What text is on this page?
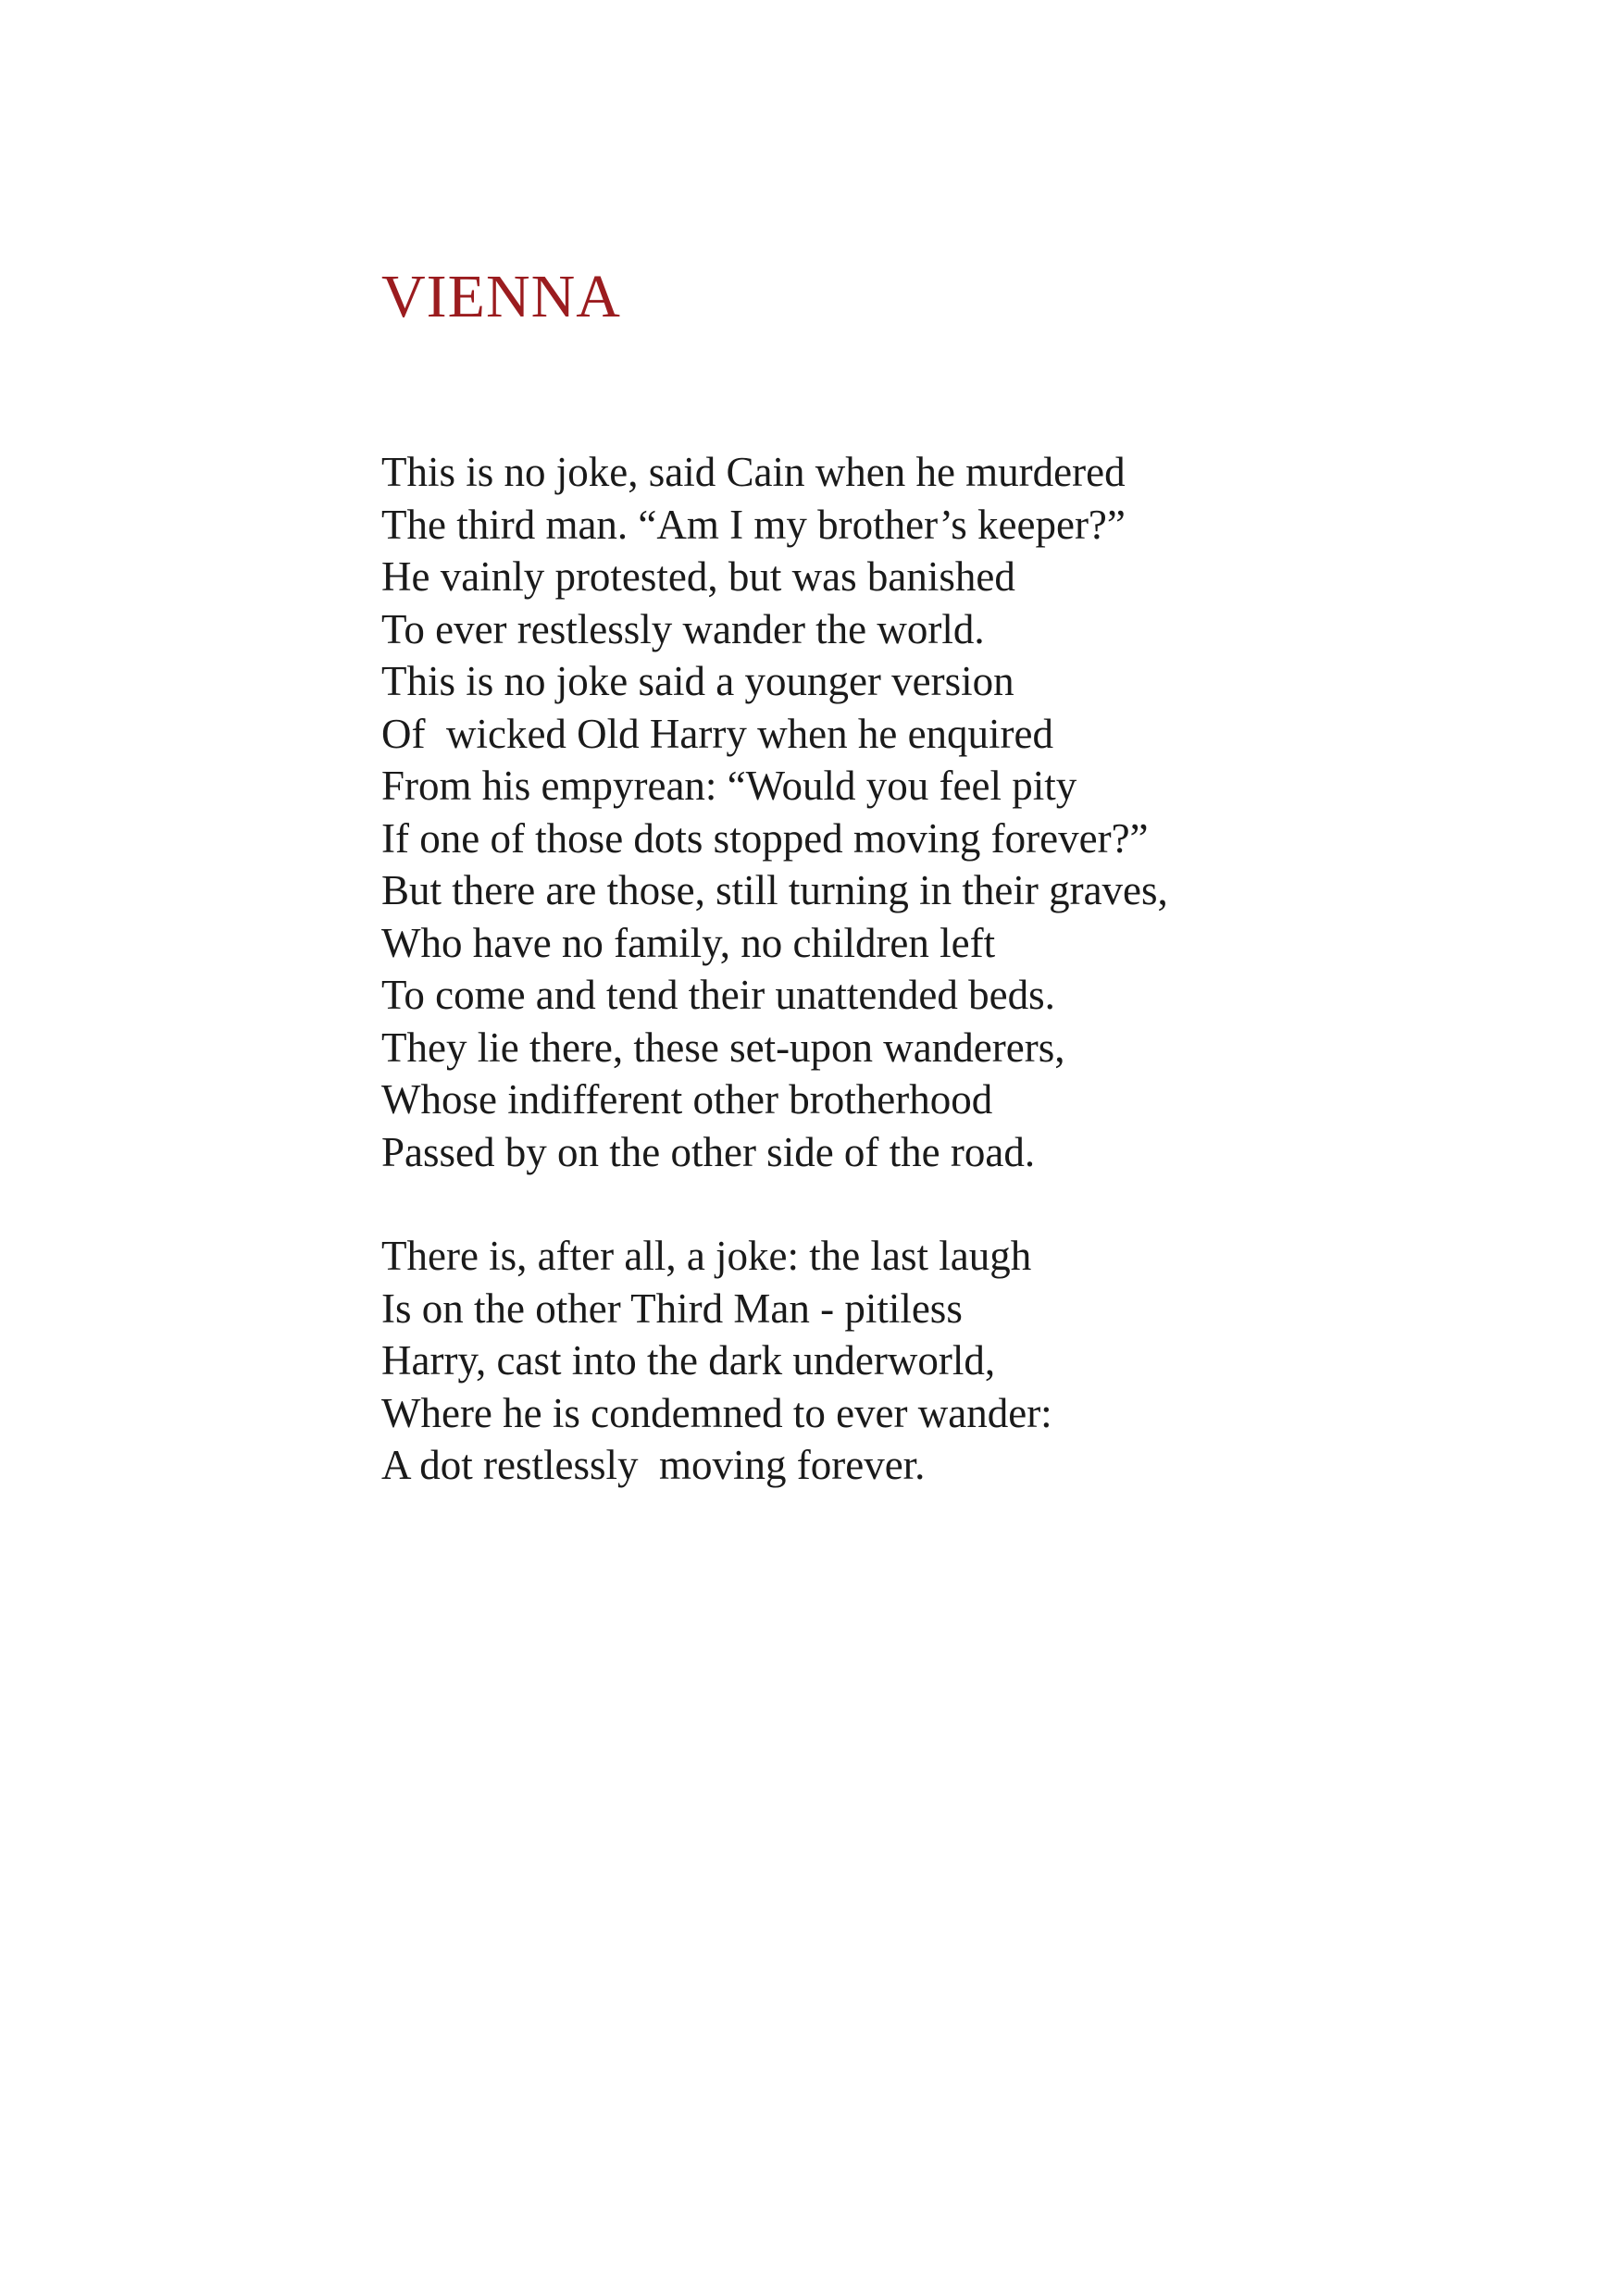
VIENNA
This is no joke, said Cain when he murdered
The third man. “Am I my brother’s keeper?”
He vainly protested, but was banished
To ever restlessly wander the world.
This is no joke said a younger version
Of  wicked Old Harry when he enquired
From his empyrean: “Would you feel pity
If one of those dots stopped moving forever?”
But there are those, still turning in their graves,
Who have no family, no children left
To come and tend their unattended beds.
They lie there, these set-upon wanderers,
Whose indifferent other brotherhood
Passed by on the other side of the road.
There is, after all, a joke: the last laugh
Is on the other Third Man - pitiless
Harry, cast into the dark underworld,
Where he is condemned to ever wander:
A dot restlessly  moving forever.
